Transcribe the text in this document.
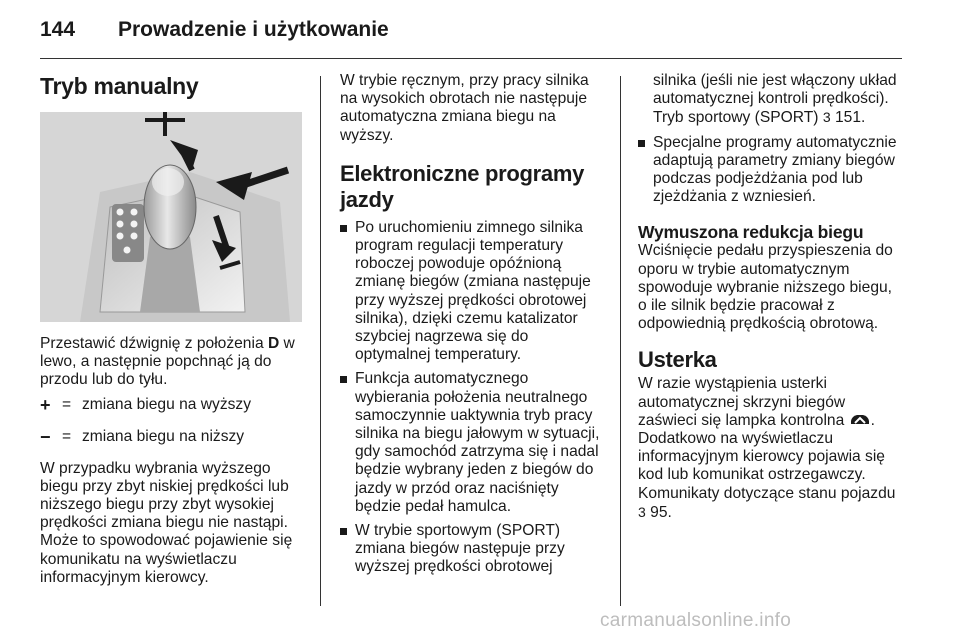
144 Prowadzenie i użytkowanie
Tryb manualny

Przestawić dźwignię z położenia D w lewo, a następnie popchnąć ją do przodu lub do tyłu.

+ = zmiana biegu na wyższy
− = zmiana biegu na niższy

W przypadku wybrania wyższego biegu przy zbyt niskiej prędkości lub niższego biegu przy zbyt wysokiej prędkości zmiana biegu nie nastąpi. Może to spowodować pojawienie się komunikatu na wyświetlaczu informacyjnym kierowcy.

W trybie ręcznym, przy pracy silnika na wysokich obrotach nie następuje automatyczna zmiana biegu na wyższy.

Elektroniczne programy jazdy
Po uruchomieniu zimnego silnika program regulacji temperatury roboczej powoduje opóźnioną zmianę biegów (zmiana następuje przy wyższej prędkości obrotowej silnika), dzięki czemu katalizator szybciej nagrzewa się do optymalnej temperatury.
Funkcja automatycznego wybierania położenia neutralnego samoczynnie uaktywnia tryb pracy silnika na biegu jałowym w sytuacji, gdy samochód zatrzyma się i nadal będzie wybrany jeden z biegów do jazdy w przód oraz naciśnięty będzie pedał hamulca.
W trybie sportowym (SPORT) zmiana biegów następuje przy wyższej prędkości obrotowej
silnika (jeśli nie jest włączony układ automatycznej kontroli prędkości). Tryb sportowy (SPORT) 3 151.
Specjalne programy automatycznie adaptują parametry zmiany biegów podczas podjeżdżania pod lub zjeżdżania z wzniesień.
Wymuszona redukcja biegu

Wciśnięcie pedału przyspieszenia do oporu w trybie automatycznym spowoduje wybranie niższego biegu, o ile silnik będzie pracował z odpowiednią prędkością obrotową.

Usterka

W razie wystąpienia usterki automatycznej skrzyni biegów zaświeci się lampka kontrolna . Dodatkowo na wyświetlaczu informacyjnym kierowcy pojawia się kod lub komunikat ostrzegawczy. Komunikaty dotyczące stanu pojazdu 3 95.

carmanualsonline.info
